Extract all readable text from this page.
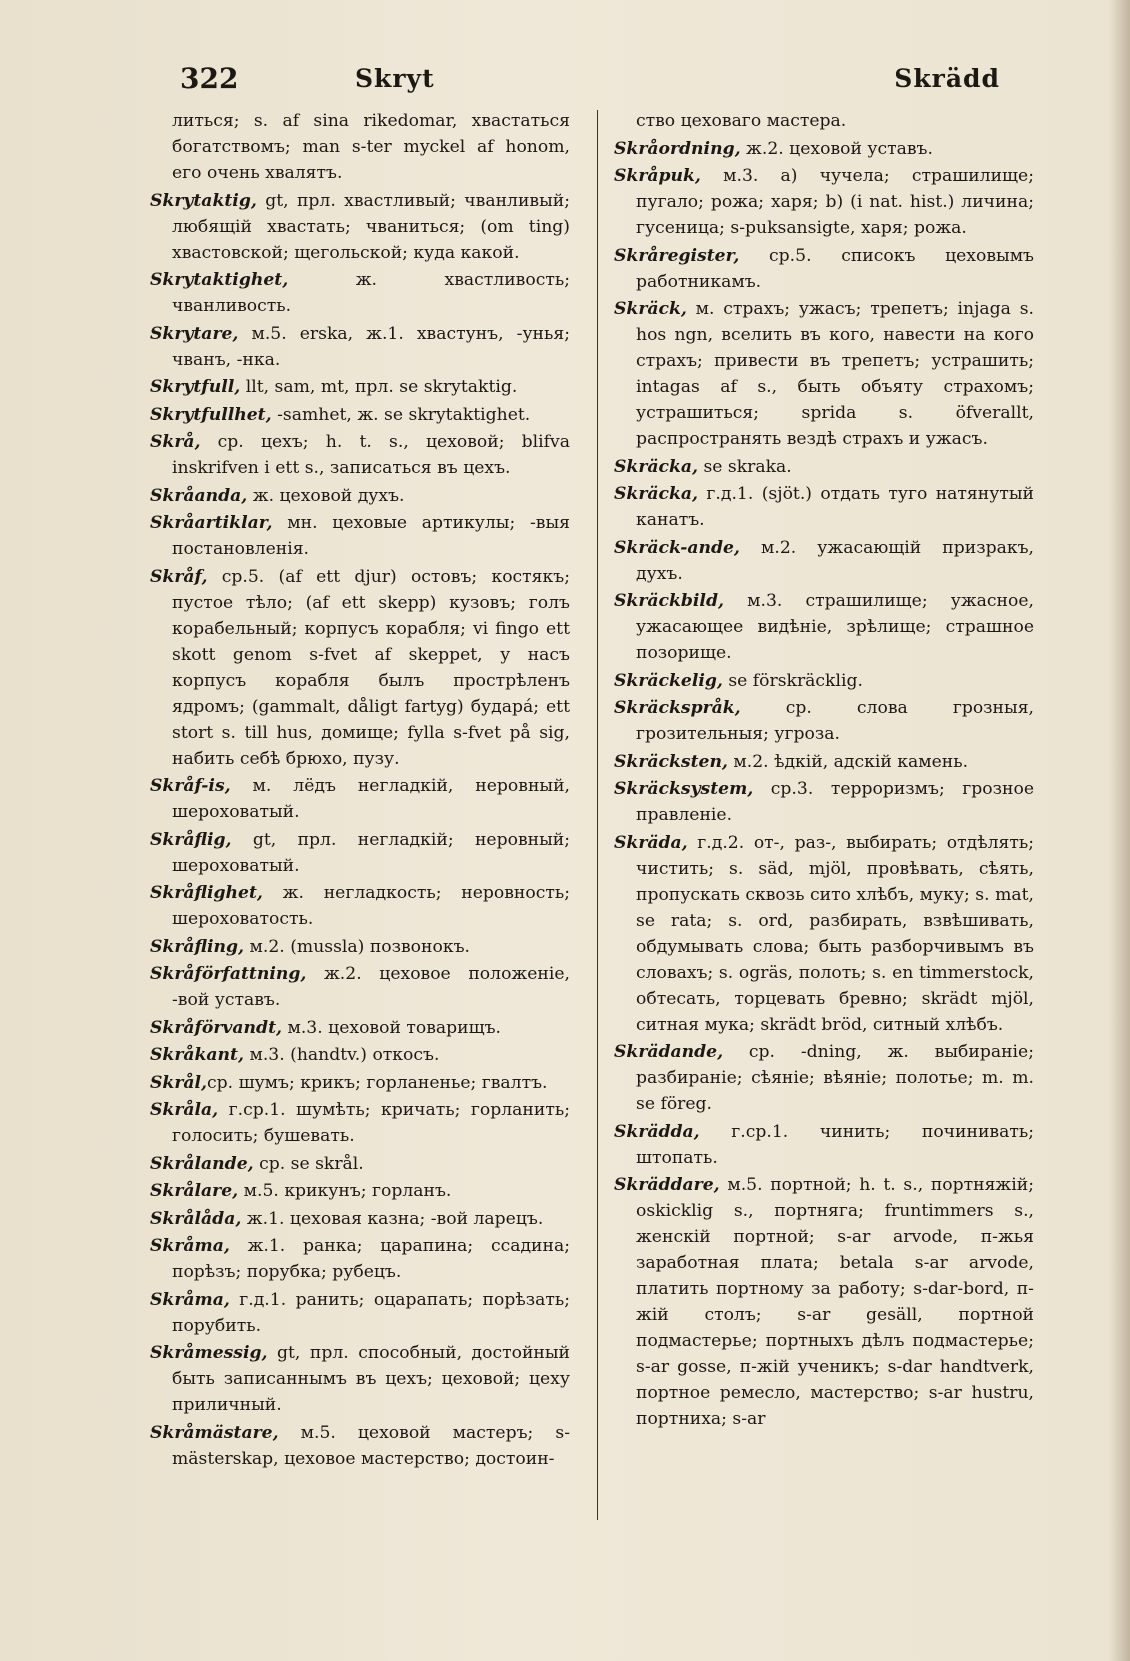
322	Skryt	Skrädd

литься; s. af sina rikedomar, хвастаться богатствомъ; man s-ter myckel af honom, его очень хвалятъ.

Skrytaktig, gt, прл. хвастливый; чванливый; любящій хвастать; чваниться; (om ting) хвастовской; щегольской; куда какой.

Skrytaktighet, ж. хвастливость; чванливость.

Skrytare, м.5. erska, ж.1. хвастунъ, -унья; чванъ, -нка.

Skrytfull, llt, sam, mt, прл. se skrytaktig.

Skrytfullhet, -samhet, ж. se skrytaktighet.

Skrå, ср. цехъ; h. t. s., цеховой; blifva inskrifven i ett s., записаться въ цехъ.

Skråanda, ж. цеховой духъ.

Skråartiklar, мн. цеховые артикулы; -выя постановленія.

Skråf, ср.5. (af ett djur) остовъ; костякъ; пустое тѣло; (af ett skepp) кузовъ; голъ корабельный; корпусъ корабля; vi fingo ett skott genom s-fvet af skeppet, у насъ корпусъ корабля былъ прострѣленъ ядромъ; (gammalt, dåligt fartyg) бударá; ett stort s. till hus, домище; fylla s-fvet på sig, набить себѣ брюхо, пузу.

Skråf-is, м. лёдъ негладкій, неровный, шероховатый.

Skråflig, gt, прл. негладкій; неровный; шероховатый.

Skråflighet, ж. негладкость; неровность; шероховатость.

Skråfling, м.2. (mussla) позвонокъ.

Skråförfattning, ж.2. цеховое положеніе, -вой уставъ.

Skråförvandt, м.3. цеховой товарищъ.

Skråkant, м.3. (handtv.) откосъ.

Skrål,ср. шумъ; крикъ; горланенье; гвалтъ.

Skråla, г.ср.1. шумѣть; кричать; горланить; голосить; бушевать.

Skrålande, ср. se skrål.

Skrålare, м.5. крикунъ; горланъ.

Skrålåda, ж.1. цеховая казна; -вой ларецъ.

Skråma, ж.1. ранка; царапина; ссадина; порѣзъ; порубка; рубецъ.

Skråma, г.д.1. ранить; оцарапать; порѣзать; порубить.

Skråmessig, gt, прл. способный, достойный быть записаннымъ въ цехъ; цеховой; цеху приличный.

Skråmästare, м.5. цеховой мастеръ; s-mästerskap, цеховое мастерство; достоин-

ство цеховаго мастера.

Skråordning, ж.2. цеховой уставъ.

Skråpuk, м.3. а) чучела; страшилище; пугало; рожа; харя; b) (i nat. hist.) личина; гусеница; s-puksansigte, харя; рожа.

Skråregister, ср.5. списокъ цеховымъ работникамъ.

Skräck, м. страхъ; ужасъ; трепетъ; injaga s. hos ngn, вселить въ кого, навести на кого страхъ; привести въ трепетъ; устрашить; intagas af s., быть объяту страхомъ; устрашиться; sprida s. öfverallt, распространять вездѣ страхъ и ужасъ.

Skräcka, se skraka.

Skräcka, г.д.1. (sjöt.) отдать туго натянутый канатъ.

Skräck-ande, м.2. ужасающій призракъ, духъ.

Skräckbild, м.3. страшилище; ужасное, ужасающее видѣніе, зрѣлище; страшное позорище.

Skräckelig, se förskräcklig.

Skräckspråk, ср. слова грозныя, грозительныя; угроза.

Skräcksten, м.2. ѣдкій, адскій камень.

Skräcksystem, ср.3. терроризмъ; грозное правленіе.

Skräda, г.д.2. от-, раз-, выбирать; отдѣлять; чистить; s. säd, mjöl, провѣвать, сѣять, пропускать сквозь сито хлѣбъ, муку; s. mat, se rata; s. ord, разбирать, взвѣшивать, обдумывать слова; быть разборчивымъ въ словахъ; s. ogräs, полоть; s. en timmerstock, обтесать, торцевать бревно; skrädt mjöl, ситная мука; skrädt bröd, ситный хлѣбъ.

Skrädande, ср. -dning, ж. выбираніе; разбираніе; сѣяніе; вѣяніе; полотье; m. m. se föreg.

Skrädda, г.ср.1. чинить; починивать; штопать.

Skräddare, м.5. портной; h. t. s., портняжій; oskicklig s., портняга; fruntimmers s., женскій портной; s-ar arvode, п-жья заработная плата; betala s-ar arvode, платить портному за работу; s-dar-bord, п-жій столъ; s-ar gesäll, портной подмастерье; портныхъ дѣлъ подмастерье; s-ar gosse, п-жій ученикъ; s-dar handtverk, портное ремесло, мастерство; s-ar hustru, портниха; s-ar
